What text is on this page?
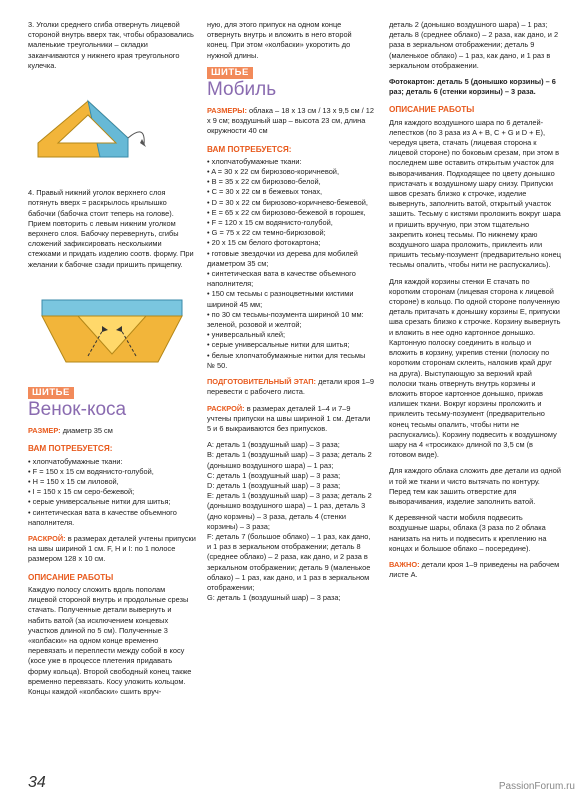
3. Уголки среднего сгиба отвернуть лицевой стороной внутрь вверх так, чтобы образовались маленькие треугольники – складки заканчиваются у нижнего края треугольного кулечка.

4. Правый нижний уголок верхнего слоя потянуть вверх = раскрылось крылышко бабочки (бабочка стоит теперь на голове). Прием повторить с левым нижним уголком верхнего слоя. Бабочку перевернуть, сгибы сложений зафиксировать несколькими стежками и придать изделию соотв. форму. При желании к бабочке сзади пришить прищепку.

ШИТЬЕ
Венок-коса

РАЗМЕР: диаметр 35 см

ВАМ ПОТРЕБУЕТСЯ:
• хлопчатобумажные ткани:
• F = 150 х 15 см водянисто-голубой,
• H = 150 х 15 см лиловой,
• I = 150 х 15 см серо-бежевой;
• серые универсальные нитки для шитья;
• синтетическая вата в качестве объемного наполнителя.

РАСКРОЙ: в размерах деталей учтены припуски на швы шириной 1 см. F, H и I: по 1 полосе размером 128 х 10 см.

ОПИСАНИЕ РАБОТЫ

Каждую полосу сложить вдоль пополам лицевой стороной внутрь и продольные срезы стачать. Полученные детали вывернуть и набить ватой (за исключением концевых участков длиной по 5 см). Полученные 3 «колбаски» на одном конце временно перевязать и переплести между собой в косу (косе уже в процессе плетения придавать форму кольца). Второй свободный конец также временно перевязать. Косу уложить кольцом. Концы каждой «колбаски» сшить вруч-

ную, для этого припуск на одном конце отвернуть внутрь и вложить в него второй конец. При этом «колбаски» укоротить до нужной длины.

ШИТЬЕ
Мобиль

РАЗМЕРЫ: облака – 18 х 13 см / 13 х 9,5 см / 12 х 9 см; воздушный шар – высота 23 см, длина окружности 40 см

ВАМ ПОТРЕБУЕТСЯ:
• хлопчатобумажные ткани:
• A = 30 x 22 см бирюзово-коричневой,
• B = 35 x 22 см бирюзово-белой,
• C = 30 x 22 см в бежевых тонах,
• D = 30 x 22 см бирюзово-коричнево-бежевой,
• E = 65 x 22 см бирюзово-бежевой в горошек,
• F = 120 x 15 см водянисто-голубой,
• G = 75 x 22 см темно-бирюзовой;
• 20 x 15 см белого фотокартона;
• готовые звездочки из дерева для мобилей диаметром 35 см;
• синтетическая вата в качестве объемного наполнителя;
• 150 см тесьмы с разноцветными кистими шириной 45 мм;
• по 30 см тесьмы-позумента шириной 10 мм: зеленой, розовой и желтой;
• универсальный клей;
• серые универсальные нитки для шитья;
• белые хлопчатобумажные нитки для тесьмы № 50.

ПОДГОТОВИТЕЛЬНЫЙ ЭТАП: детали кроя 1–9 перевести с рабочего листа.

РАСКРОЙ: в размерах деталей 1–4 и 7–9 учтены припуски на швы шириной 1 см. Детали 5 и 6 выкраиваются без припусков.

A: деталь 1 (воздушный шар) – 3 раза;
B: деталь 1 (воздушный шар) – 3 раза; деталь 2 (донышко воздушного шара) – 1 раз;
C: деталь 1 (воздушный шар) – 3 раза;
D: деталь 1 (воздушный шар) – 3 раза;
E: деталь 1 (воздушный шар) – 3 раза; деталь 2 (донышко воздушного шара) – 1 раз, деталь 3 (дно корзины) – 3 раза, деталь 4 (стенки корзины) – 3 раза;
F: деталь 7 (большое облако) – 1 раз, как дано, и 1 раз в зеркальном отображении; деталь 8 (среднее облако) – 2 раза, как дано, и 2 раза в зеркальном отображении; деталь 9 (маленькое облако) – 1 раз, как дано, и 1 раз в зеркальном отображении;
G: деталь 1 (воздушный шар) – 3 раза;

деталь 2 (донышко воздушного шара) – 1 раз; деталь 8 (среднее облако) – 2 раза, как дано, и 2 раза в зеркальном отображении; деталь 9 (маленькое облако) – 1 раз, как дано, и 1 раз в зеркальном отображении.

Фотокартон: деталь 5 (донышко корзины) – 6 раз; деталь 6 (стенки корзины) – 3 раза.

ОПИСАНИЕ РАБОТЫ

Для каждого воздушного шара по 6 деталей-лепестков (по 3 раза из A + B, C + G и D + E), чередуя цвета, стачать (лицевая сторона к лицевой стороне) по боковым срезам, при этом в последнем шве оставить открытым участок для выворачивания. Подходящее по цвету донышко пристачать к воздушному шару снизу. Припуски швов срезать близко к строчке, изделие вывернуть, заполнить ватой, открытый участок зашить. Тесьму с кистями проложить вокруг шара и пришить вручную, при этом тщательно закрепить конец тесьмы. По нижнему краю воздушного шара проложить, приклеить или пришить тесьму-позумент (предварительно конец тесьмы опалить, чтобы нити не распускались).

Для каждой корзины стенки E стачать по коротким сторонам (лицевая сторона к лицевой стороне) в кольцо. По одной стороне полученную деталь притачать к донышку корзины E, припуски шва срезать близко к строчке. Корзину вывернуть и вложить в нее одно картонное донышко. Картонную полоску соединить в кольцо и вложить в корзину, укрепив стенки (полоску по коротким сторонам склеить, наложив край друг на друга). Выступающую за верхний край полоски ткань отвернуть внутрь корзины и вложить второе картонное донышко, прижав излишек ткани. Вокруг корзины проложить и приклеить тесьму-позумент (предварительно конец тесьмы опалить, чтобы нити не распускались). Корзину подвесить к воздушному шару на 4 «тросиках» длиной по 3,5 см (в готовом виде).

Для каждого облака сложить две детали из одной и той же ткани и чисто вытячать по контуру. Перед тем как зашить отверстие для выворачивания, изделие заполнить ватой.

К деревянной части мобиля подвесить воздушные шары, облака (3 раза по 2 облака нанизать на нить и подвесить к креплению на концах и большое облако – посередине).

ВАЖНО: детали кроя 1–9 приведены на рабочем листе A.

34	PassionForum.ru
